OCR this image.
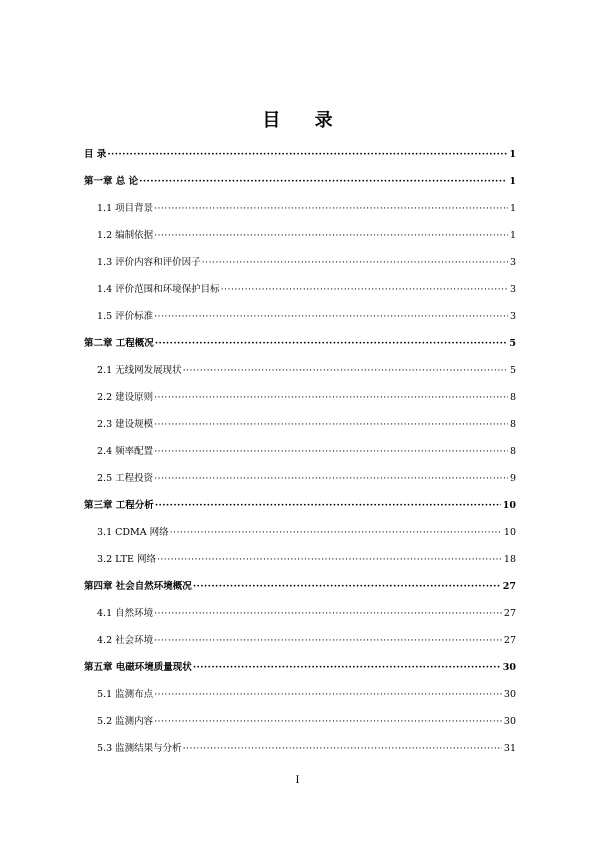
目 录
目 录 ·····	1
第一章 总 论 ·····	1
1.1 项目背景 ·····	1
1.2 编制依据 ·····	1
1.3 评价内容和评价因子 ·····	3
1.4 评价范围和环境保护目标 ·····	3
1.5 评价标准 ·····	3
第二章 工程概况 ·····	5
2.1 无线网发展现状 ·····	5
2.2 建设原则 ·····	8
2.3 建设规模 ·····	8
2.4 频率配置 ·····	8
2.5 工程投资 ·····	9
第三章 工程分析 ·····	10
3.1 CDMA 网络 ·····	10
3.2 LTE 网络 ·····	18
第四章 社会自然环境概况 ·····	27
4.1 自然环境 ·····	27
4.2 社会环境 ·····	27
第五章 电磁环境质量现状 ·····	30
5.1 监测布点 ·····	30
5.2 监测内容 ·····	30
5.3 监测结果与分析 ·····	31
I
